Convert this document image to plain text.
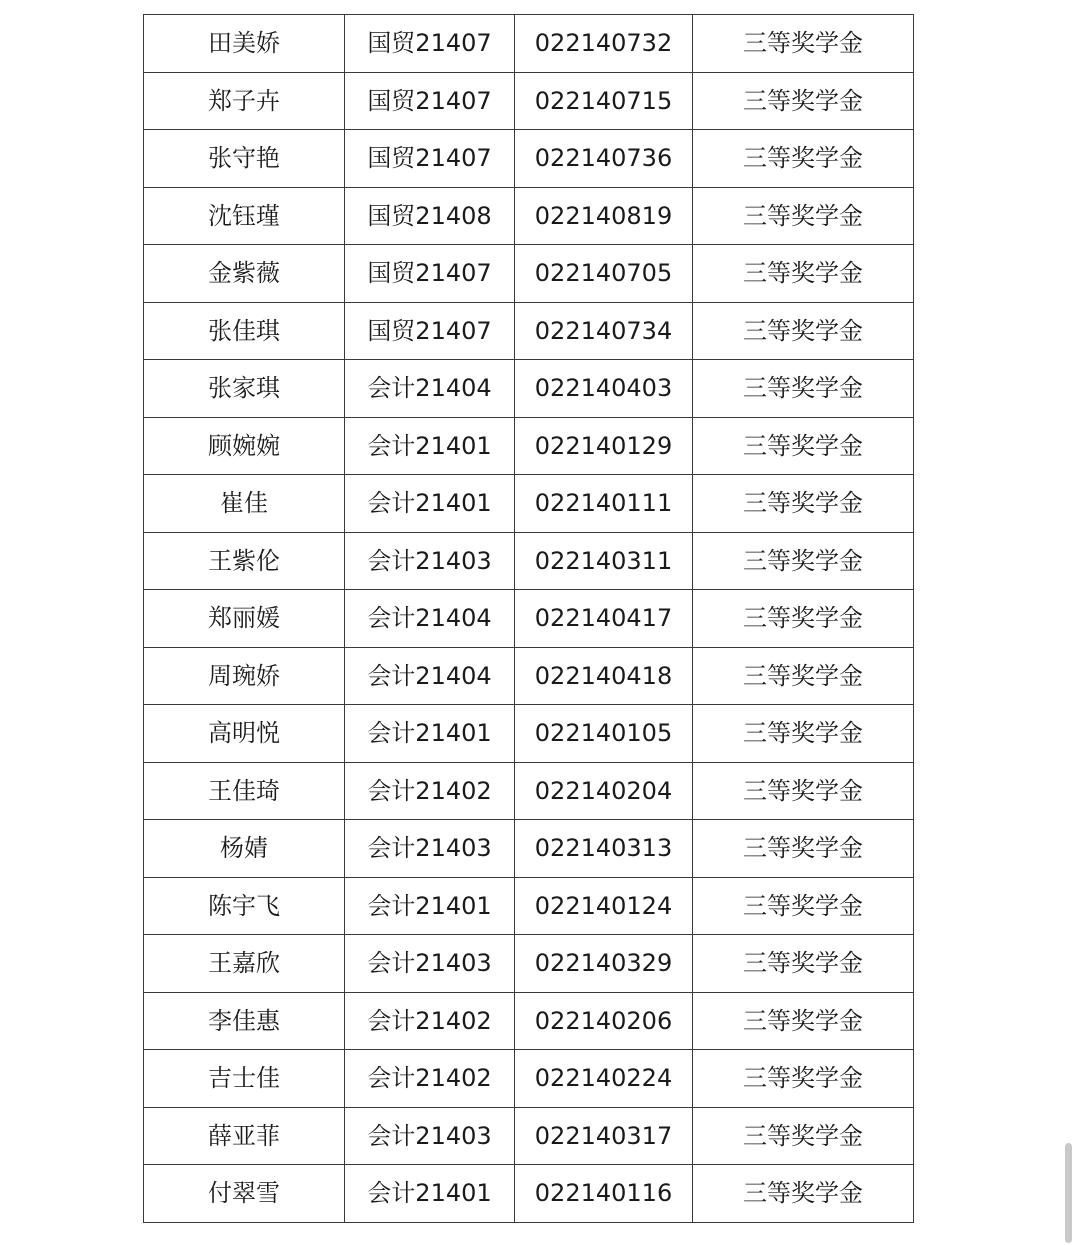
田美娇	国贸21407	022140732	三等奖学金
郑子卉	国贸21407	022140715	三等奖学金
张守艳	国贸21407	022140736	三等奖学金
沈钰瑾	国贸21408	022140819	三等奖学金
金紫薇	国贸21407	022140705	三等奖学金
张佳琪	国贸21407	022140734	三等奖学金
张家琪	会计21404	022140403	三等奖学金
顾婉婉	会计21401	022140129	三等奖学金
崔佳	会计21401	022140111	三等奖学金
王紫伦	会计21403	022140311	三等奖学金
郑丽媛	会计21404	022140417	三等奖学金
周琬娇	会计21404	022140418	三等奖学金
高明悦	会计21401	022140105	三等奖学金
王佳琦	会计21402	022140204	三等奖学金
杨婧	会计21403	022140313	三等奖学金
陈宇飞	会计21401	022140124	三等奖学金
王嘉欣	会计21403	022140329	三等奖学金
李佳惠	会计21402	022140206	三等奖学金
吉士佳	会计21402	022140224	三等奖学金
薛亚菲	会计21403	022140317	三等奖学金
付翠雪	会计21401	022140116	三等奖学金
